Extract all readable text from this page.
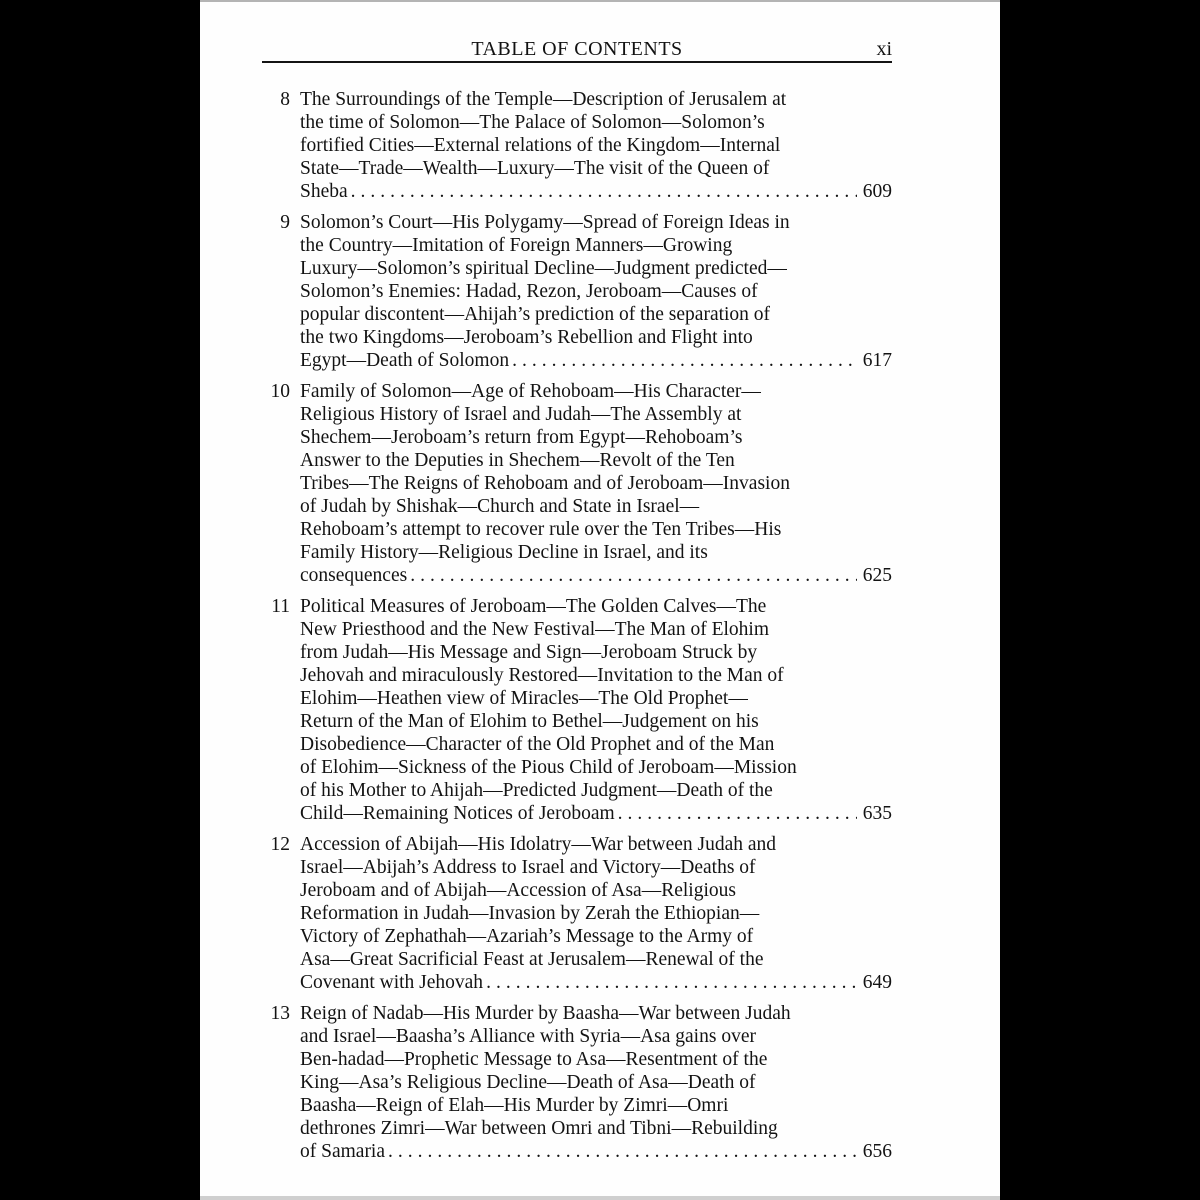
TABLE OF CONTENTS	xi
8 The Surroundings of the Temple—Description of Jerusalem at
the time of Solomon—The Palace of Solomon—Solomon’s
fortified Cities—External relations of the Kingdom—Internal
State—Trade—Wealth—Luxury—The visit of the Queen of
Sheba .....	609
9 Solomon’s Court—His Polygamy—Spread of Foreign Ideas in
the Country—Imitation of Foreign Manners—Growing
Luxury—Solomon’s spiritual Decline—Judgment predicted—
Solomon’s Enemies: Hadad, Rezon, Jeroboam—Causes of
popular discontent—Ahijah’s prediction of the separation of
the two Kingdoms—Jeroboam’s Rebellion and Flight into
Egypt—Death of Solomon .....	617
10 Family of Solomon—Age of Rehoboam—His Character—
Religious History of Israel and Judah—The Assembly at
Shechem—Jeroboam’s return from Egypt—Rehoboam’s
Answer to the Deputies in Shechem—Revolt of the Ten
Tribes—The Reigns of Rehoboam and of Jeroboam—Invasion
of Judah by Shishak—Church and State in Israel—
Rehoboam’s attempt to recover rule over the Ten Tribes—His
Family History—Religious Decline in Israel, and its
consequences .....	625
11 Political Measures of Jeroboam—The Golden Calves—The
New Priesthood and the New Festival—The Man of Elohim
from Judah—His Message and Sign—Jeroboam Struck by
Jehovah and miraculously Restored—Invitation to the Man of
Elohim—Heathen view of Miracles—The Old Prophet—
Return of the Man of Elohim to Bethel—Judgement on his
Disobedience—Character of the Old Prophet and of the Man
of Elohim—Sickness of the Pious Child of Jeroboam—Mission
of his Mother to Ahijah—Predicted Judgment—Death of the
Child—Remaining Notices of Jeroboam .....	635
12 Accession of Abijah—His Idolatry—War between Judah and
Israel—Abijah’s Address to Israel and Victory—Deaths of
Jeroboam and of Abijah—Accession of Asa—Religious
Reformation in Judah—Invasion by Zerah the Ethiopian—
Victory of Zephathah—Azariah’s Message to the Army of
Asa—Great Sacrificial Feast at Jerusalem—Renewal of the
Covenant with Jehovah .....	649
13 Reign of Nadab—His Murder by Baasha—War between Judah
and Israel—Baasha’s Alliance with Syria—Asa gains over
Ben-hadad—Prophetic Message to Asa—Resentment of the
King—Asa’s Religious Decline—Death of Asa—Death of
Baasha—Reign of Elah—His Murder by Zimri—Omri
dethrones Zimri—War between Omri and Tibni—Rebuilding
of Samaria .....	656
